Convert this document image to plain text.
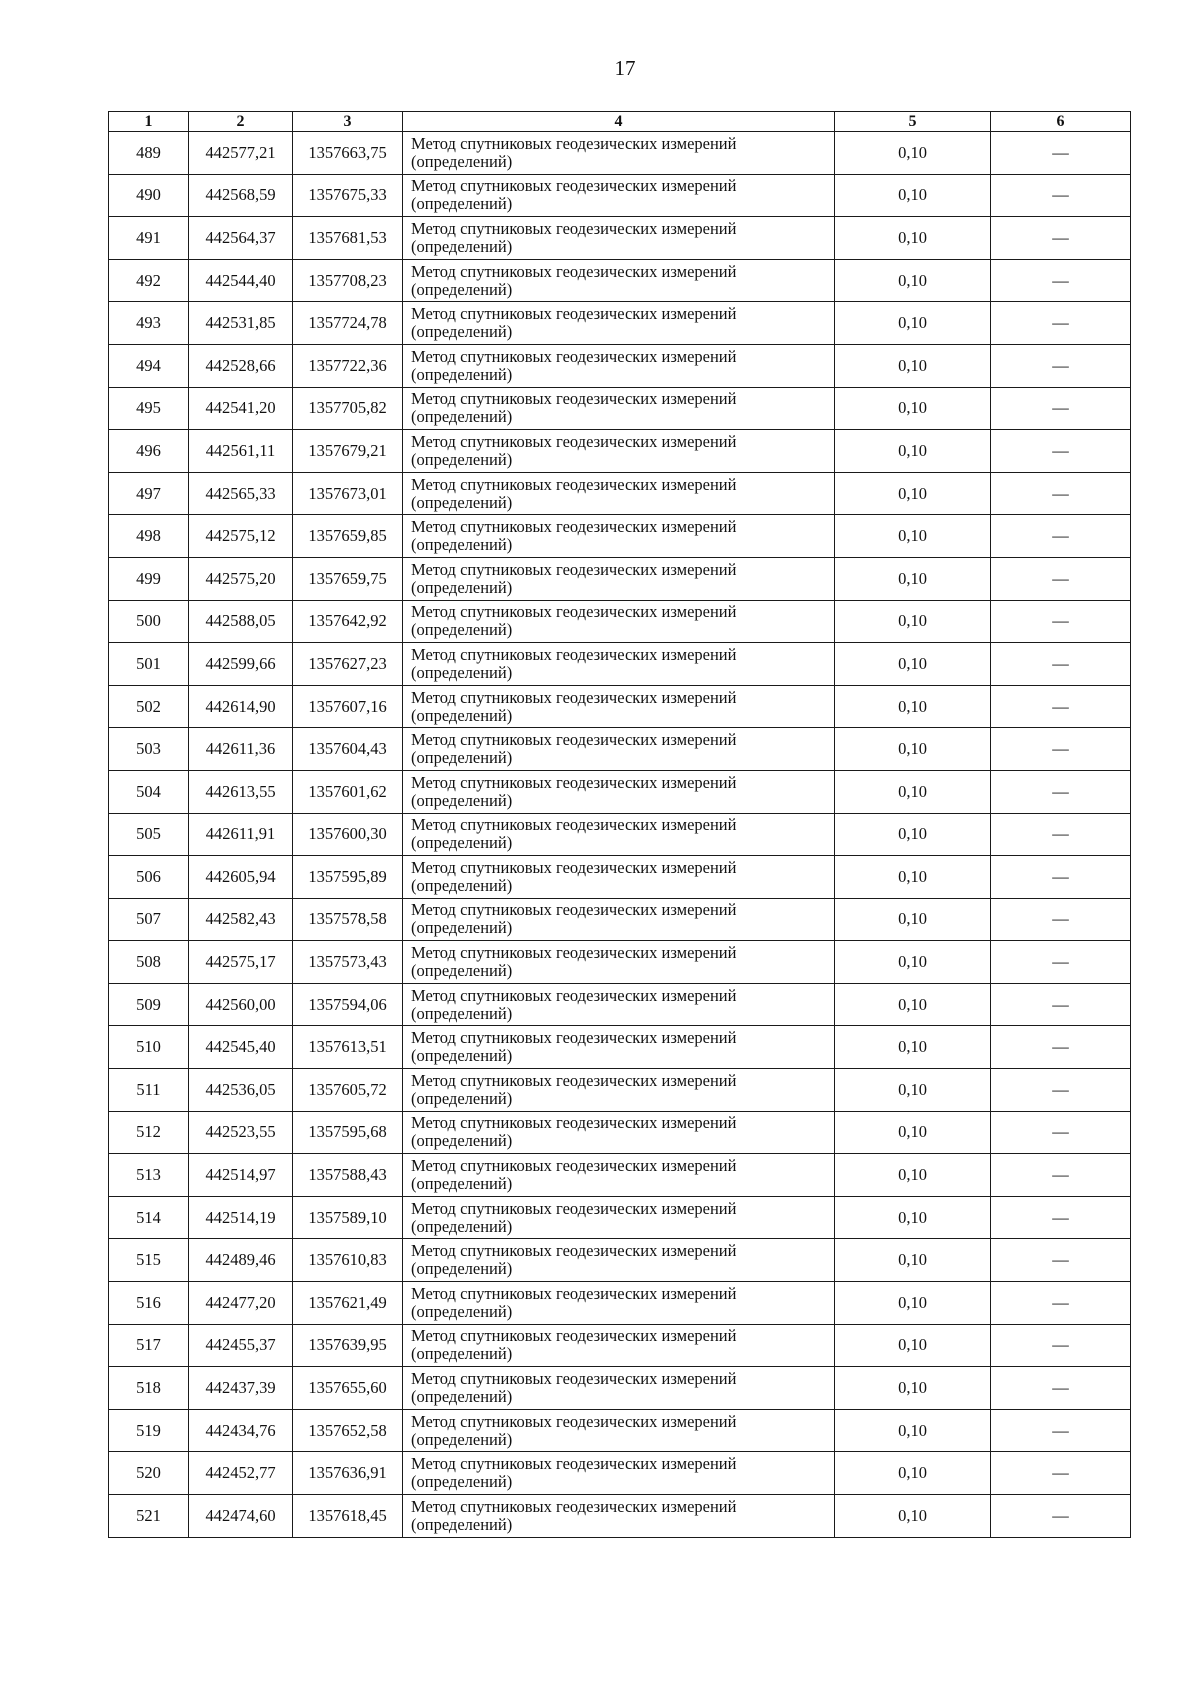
17
1	2	3	4	5	6
489	442577,21	1357663,75	Метод спутниковых геодезических измерений
(определений)	0,10	—
490	442568,59	1357675,33	Метод спутниковых геодезических измерений
(определений)	0,10	—
491	442564,37	1357681,53	Метод спутниковых геодезических измерений
(определений)	0,10	—
492	442544,40	1357708,23	Метод спутниковых геодезических измерений
(определений)	0,10	—
493	442531,85	1357724,78	Метод спутниковых геодезических измерений
(определений)	0,10	—
494	442528,66	1357722,36	Метод спутниковых геодезических измерений
(определений)	0,10	—
495	442541,20	1357705,82	Метод спутниковых геодезических измерений
(определений)	0,10	—
496	442561,11	1357679,21	Метод спутниковых геодезических измерений
(определений)	0,10	—
497	442565,33	1357673,01	Метод спутниковых геодезических измерений
(определений)	0,10	—
498	442575,12	1357659,85	Метод спутниковых геодезических измерений
(определений)	0,10	—
499	442575,20	1357659,75	Метод спутниковых геодезических измерений
(определений)	0,10	—
500	442588,05	1357642,92	Метод спутниковых геодезических измерений
(определений)	0,10	—
501	442599,66	1357627,23	Метод спутниковых геодезических измерений
(определений)	0,10	—
502	442614,90	1357607,16	Метод спутниковых геодезических измерений
(определений)	0,10	—
503	442611,36	1357604,43	Метод спутниковых геодезических измерений
(определений)	0,10	—
504	442613,55	1357601,62	Метод спутниковых геодезических измерений
(определений)	0,10	—
505	442611,91	1357600,30	Метод спутниковых геодезических измерений
(определений)	0,10	—
506	442605,94	1357595,89	Метод спутниковых геодезических измерений
(определений)	0,10	—
507	442582,43	1357578,58	Метод спутниковых геодезических измерений
(определений)	0,10	—
508	442575,17	1357573,43	Метод спутниковых геодезических измерений
(определений)	0,10	—
509	442560,00	1357594,06	Метод спутниковых геодезических измерений
(определений)	0,10	—
510	442545,40	1357613,51	Метод спутниковых геодезических измерений
(определений)	0,10	—
511	442536,05	1357605,72	Метод спутниковых геодезических измерений
(определений)	0,10	—
512	442523,55	1357595,68	Метод спутниковых геодезических измерений
(определений)	0,10	—
513	442514,97	1357588,43	Метод спутниковых геодезических измерений
(определений)	0,10	—
514	442514,19	1357589,10	Метод спутниковых геодезических измерений
(определений)	0,10	—
515	442489,46	1357610,83	Метод спутниковых геодезических измерений
(определений)	0,10	—
516	442477,20	1357621,49	Метод спутниковых геодезических измерений
(определений)	0,10	—
517	442455,37	1357639,95	Метод спутниковых геодезических измерений
(определений)	0,10	—
518	442437,39	1357655,60	Метод спутниковых геодезических измерений
(определений)	0,10	—
519	442434,76	1357652,58	Метод спутниковых геодезических измерений
(определений)	0,10	—
520	442452,77	1357636,91	Метод спутниковых геодезических измерений
(определений)	0,10	—
521	442474,60	1357618,45	Метод спутниковых геодезических измерений
(определений)	0,10	—
